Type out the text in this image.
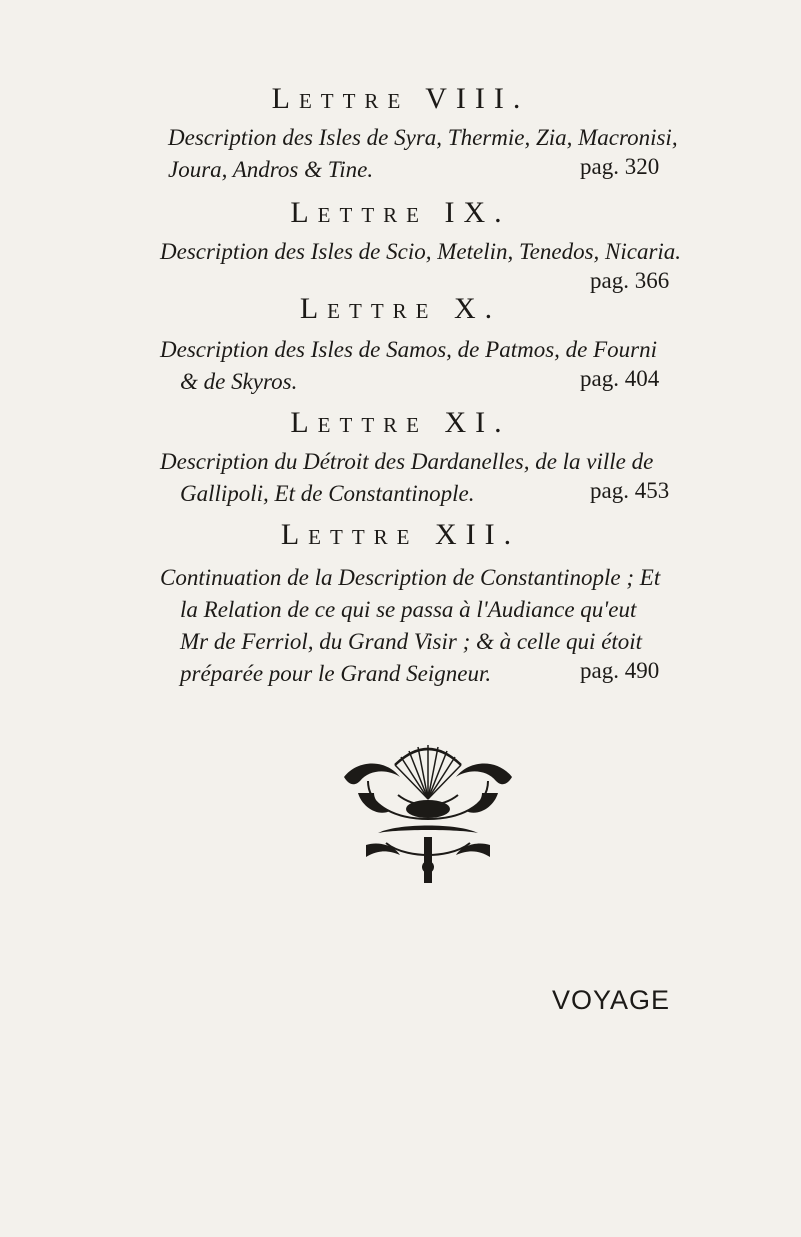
Lettre VIII.
Description des Isles de Syra, Thermie, Zia, Macronisi,
Joura, Andros & Tine.	pag. 320
Lettre IX.
Description des Isles de Scio, Metelin, Tenedos, Nicaria.
pag. 366
Lettre X.
Description des Isles de Samos, de Patmos, de Fourni
& de Skyros.	pag. 404
Lettre XI.
Description du Détroit des Dardanelles, de la ville de
Gallipoli, Et de Constantinople.	pag. 453
Lettre XII.
Continuation de la Description de Constantinople ; Et
la Relation de ce qui se passa à l'Audiance qu'eut
Mr de Ferriol, du Grand Visir ; & à celle qui étoit
préparée pour le Grand Seigneur.	pag. 490
VOYAGE
